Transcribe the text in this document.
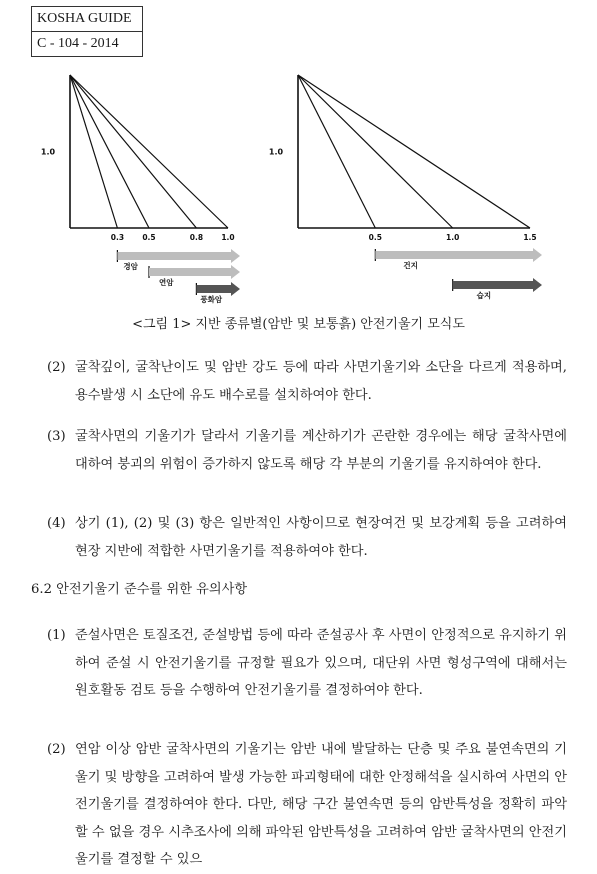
KOSHA GUIDE
C - 104 - 2014
1.0
0.3 0.5	0.8 1.0
경암
연암
풍화암
1.0
0.5	1.0	1.5
건지
습지
<그림 1> 지반 종류별(암반 및 보통흙) 안전기울기 모식도
(2) 굴착깊이, 굴착난이도 및 암반 강도 등에 따라 사면기울기와 소단을 다르게 적용하며, 용수발생 시 소단에 유도 배수로를 설치하여야 한다.
(3) 굴착사면의 기울기가 달라서 기울기를 계산하기가 곤란한 경우에는 해당 굴착사면에 대하여 붕괴의 위험이 증가하지 않도록 해당 각 부분의 기울기를 유지하여야 한다.
(4) 상기 (1), (2) 및 (3) 항은 일반적인 사항이므로 현장여건 및 보강계획 등을 고려하여 현장 지반에 적합한 사면기울기를 적용하여야 한다.
6.2 안전기울기 준수를 위한 유의사항
(1) 준설사면은 토질조건, 준설방법 등에 따라 준설공사 후 사면이 안정적으로 유지하기 위하여 준설 시 안전기울기를 규정할 필요가 있으며, 대단위 사면 형성구역에 대해서는 원호활동 검토 등을 수행하여 안전기울기를 결정하여야 한다.
(2) 연암 이상 암반 굴착사면의 기울기는 암반 내에 발달하는 단층 및 주요 불연속면의 기울기 및 방향을 고려하여 발생 가능한 파괴형태에 대한 안정해석을 실시하여 사면의 안전기울기를 결정하여야 한다. 다만, 해당 구간 불연속면 등의 암반특성을 정확히 파악할 수 없을 경우 시추조사에 의해 파악된 암반특성을 고려하여 암반 굴착사면의 안전기울기를 결정할 수 있으
